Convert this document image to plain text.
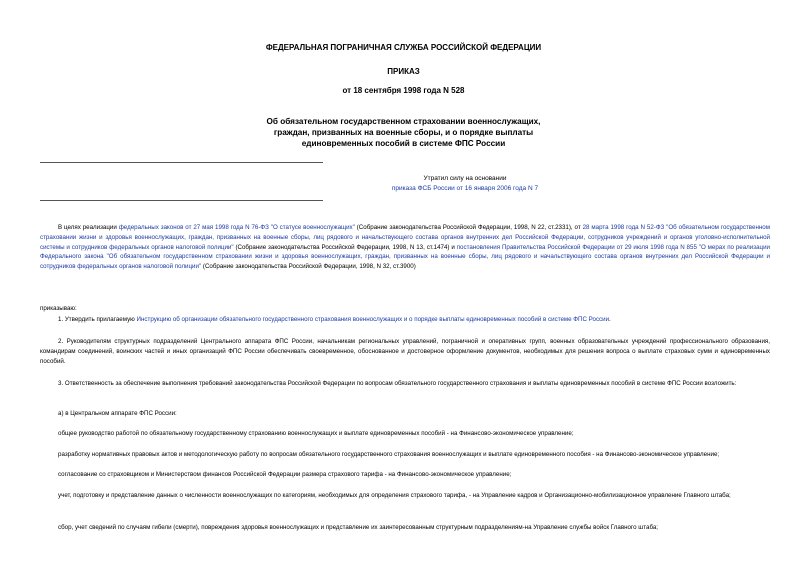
ФЕДЕРАЛЬНАЯ ПОГРАНИЧНАЯ СЛУЖБА РОССИЙСКОЙ ФЕДЕРАЦИИ
ПРИКАЗ
от 18 сентября 1998 года N 528
Об обязательном государственном страховании военнослужащих,
граждан, призванных на военные сборы, и о порядке выплаты
единовременных пособий в системе ФПС России
Утратил силу на основании
приказа ФСБ России от 16 января 2006 года N 7
В целях реализации федеральных законов от 27 мая 1998 года N 76-ФЗ "О статусе военнослужащих" (Собрание законодательства Российской Федерации, 1998, N 22, ст.2331), от 28 марта 1998 года N 52-ФЗ "Об обязательном государственном страховании жизни и здоровья военнослужащих, граждан, призванных на военные сборы, лиц рядового и начальствующего состава органов внутренних дел Российской Федерации, сотрудников учреждений и органов уголовно-исполнительной системы и сотрудников федеральных органов налоговой полиции" (Собрание законодательства Российской Федерации, 1998, N 13, ст.1474) и постановления Правительства Российской Федерации от 29 июля 1998 года N 855 "О мерах по реализации Федерального закона "Об обязательном государственном страховании жизни и здоровья военнослужащих, граждан, призванных на военные сборы, лиц рядового и начальствующего состава органов внутренних дел Российской Федерации и сотрудников федеральных органов налоговой полиции" (Собрание законодательства Российской Федерации, 1998, N 32, ст.3900)
приказываю:
1. Утвердить прилагаемую Инструкцию об организации обязательного государственного страхования военнослужащих и о порядке выплаты единовременных пособий в системе ФПС России.
2. Руководителям структурных подразделений Центрального аппарата ФПС России, начальникам региональных управлений, пограничной и оперативных групп, военных образовательных учреждений профессионального образования, командирам соединений, воинских частей и иных организаций ФПС России обеспечивать своевременное, обоснованное и достоверное оформление документов, необходимых для решения вопроса о выплате страховых сумм и единовременных пособий.
3. Ответственность за обеспечение выполнения требований законодательства Российской Федерации по вопросам обязательного государственного страхования и выплаты единовременных пособий в системе ФПС России возложить:
а) в Центральном аппарате ФПС России:
общее руководство работой по обязательному государственному страхованию военнослужащих и выплате единовременных пособий - на Финансово-экономическое управление;
разработку нормативных правовых актов и методологическую работу по вопросам обязательного государственного страхования военнослужащих и выплате единовременного пособия - на Финансово-экономическое управление;
согласование со страховщиком и Министерством финансов Российской Федерации размера страхового тарифа - на Финансово-экономическое управление;
учет, подготовку и представление данных о численности военнослужащих по категориям, необходимых для определения страхового тарифа, - на Управление кадров и Организационно-мобилизационное управление Главного штаба;
сбор, учет сведений по случаям гибели (смерти), повреждения здоровья военнослужащих и представление их заинтересованным структурным подразделениям-на Управление службы войск Главного штаба;
